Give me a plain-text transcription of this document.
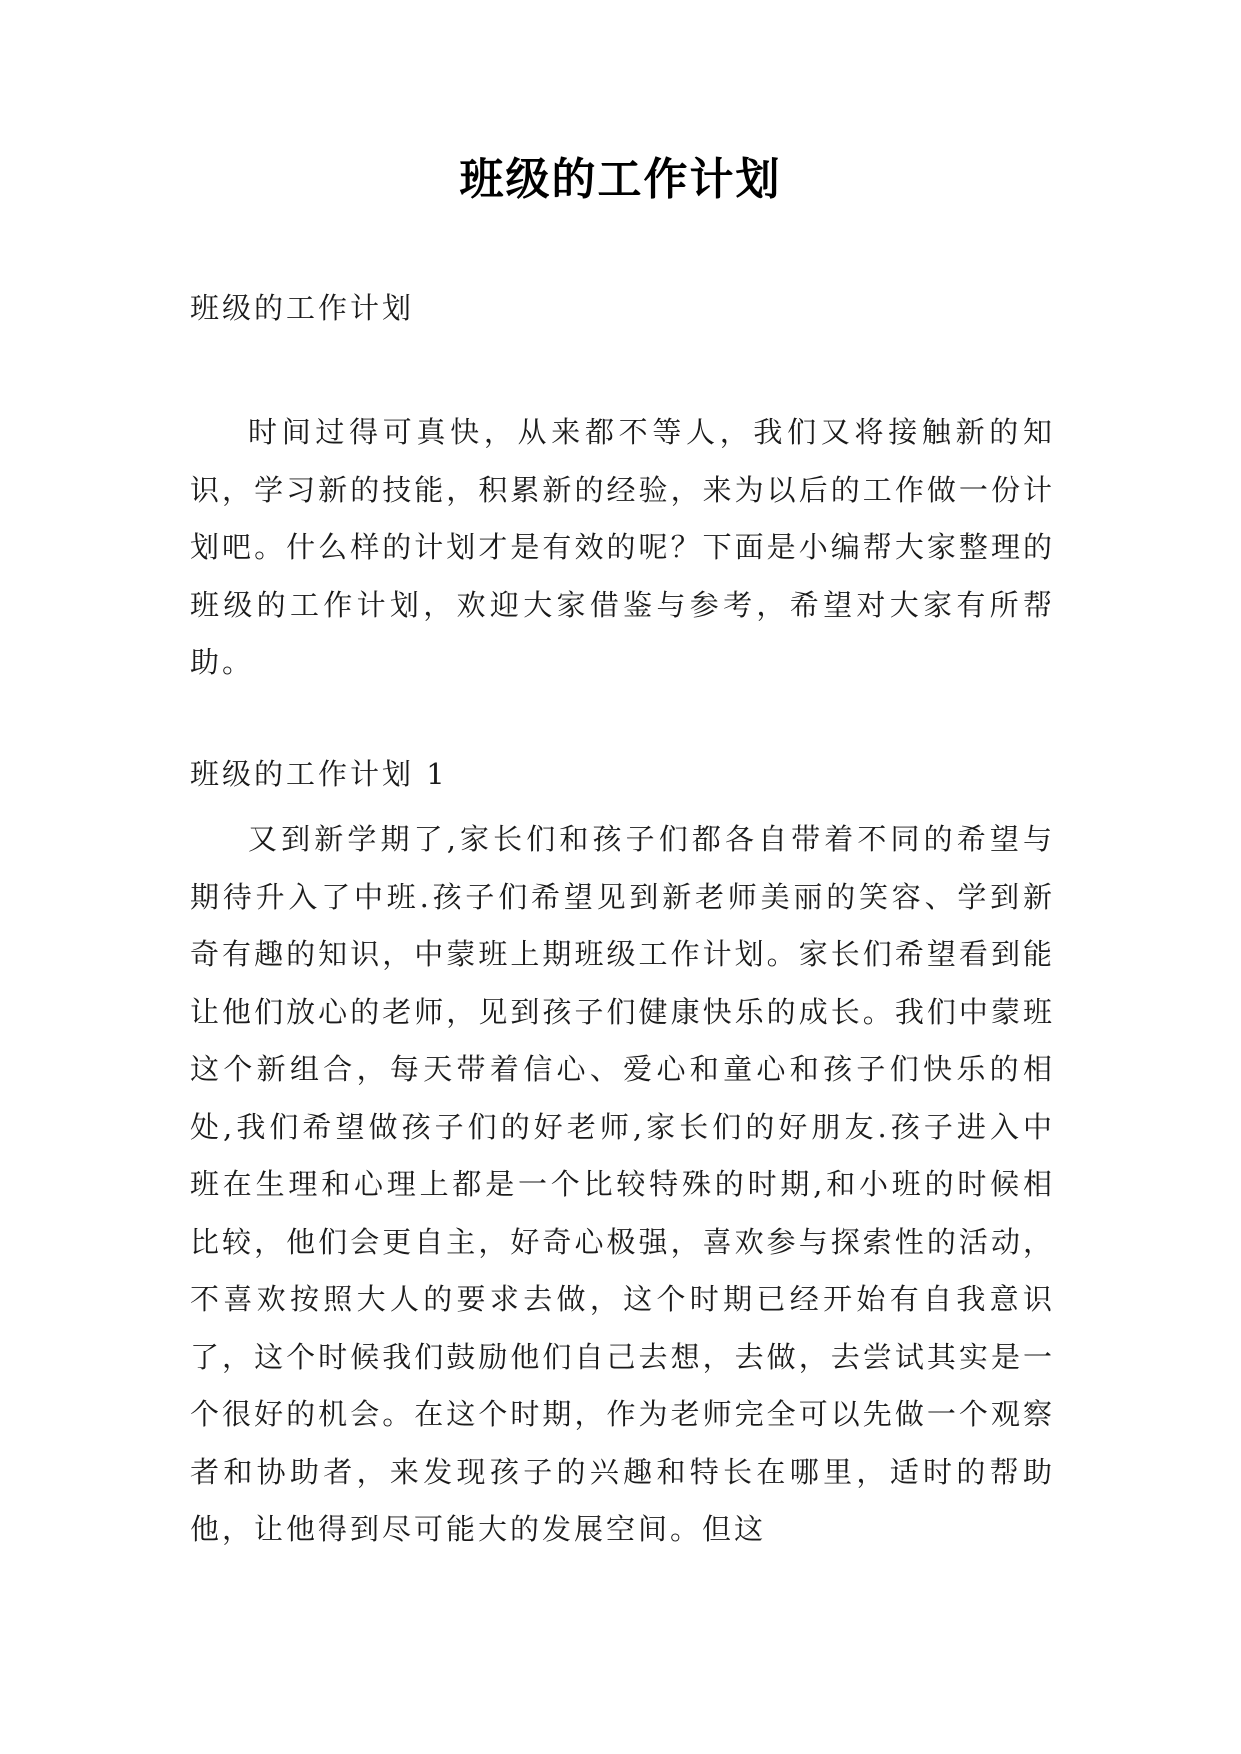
班级的工作计划
班级的工作计划

时间过得可真快，从来都不等人，我们又将接触新的知识，学习新的技能，积累新的经验，来为以后的工作做一份计划吧。什么样的计划才是有效的呢？下面是小编帮大家整理的班级的工作计划，欢迎大家借鉴与参考，希望对大家有所帮助。

班级的工作计划 1

又到新学期了,家长们和孩子们都各自带着不同的希望与期待升入了中班.孩子们希望见到新老师美丽的笑容、学到新奇有趣的知识，中蒙班上期班级工作计划。家长们希望看到能让他们放心的老师，见到孩子们健康快乐的成长。我们中蒙班这个新组合，每天带着信心、爱心和童心和孩子们快乐的相处,我们希望做孩子们的好老师,家长们的好朋友.孩子进入中班在生理和心理上都是一个比较特殊的时期,和小班的时候相比较，他们会更自主，好奇心极强，喜欢参与探索性的活动，不喜欢按照大人的要求去做，这个时期已经开始有自我意识了，这个时候我们鼓励他们自己去想，去做，去尝试其实是一个很好的机会。在这个时期，作为老师完全可以先做一个观察者和协助者，来发现孩子的兴趣和特长在哪里，适时的帮助他，让他得到尽可能大的发展空间。但这
